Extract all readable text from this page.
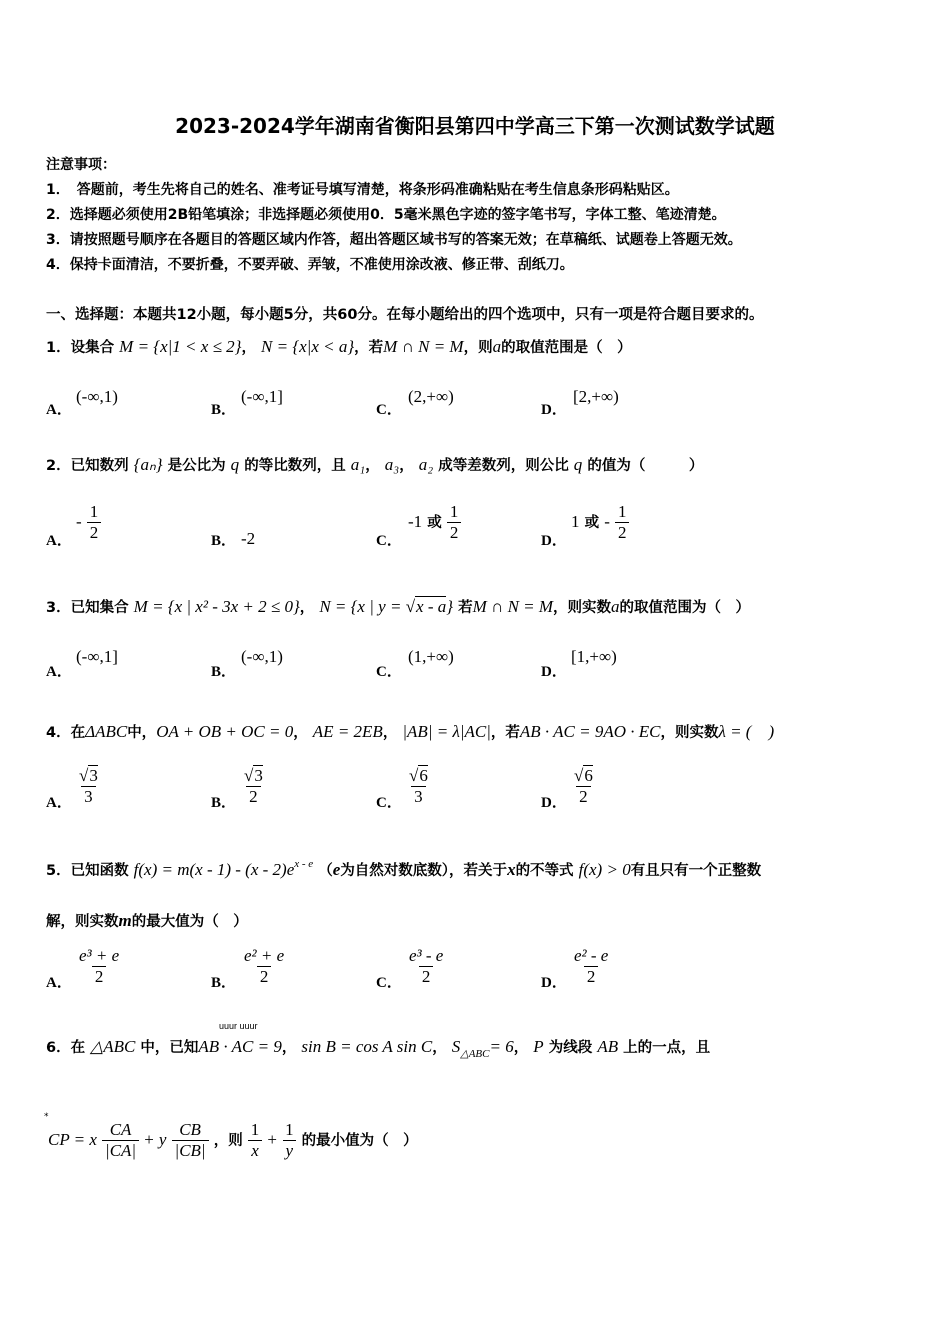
2023-2024学年湖南省衡阳县第四中学高三下第一次测试数学试题
注意事项：
1．　答题前，考生先将自己的姓名、准考证号填写清楚，将条形码准确粘贴在考生信息条形码粘贴区。
2．选择题必须使用2B铅笔填涂；非选择题必须使用0．5毫米黑色字迹的签字笔书写，字体工整、笔迹清楚。
3．请按照题号顺序在各题目的答题区域内作答，超出答题区域书写的答案无效；在草稿纸、试题卷上答题无效。
4．保持卡面清洁，不要折叠，不要弄破、弄皱，不准使用涂改液、修正带、刮纸刀。
一、选择题：本题共12小题，每小题5分，共60分。在每小题给出的四个选项中，只有一项是符合题目要求的。
1．设集合 M = {x|1 < x ≤ 2}， N = {x|x < a}，若M ∩ N = M，则a的取值范围是（　）
A．
(-∞,1)
B．
(-∞,1]
C．
(2,+∞)
D．
[2,+∞)
2．已知数列 {aₙ} 是公比为 q 的等比数列，且 a₁， a₃， a₂ 成等差数列，则公比 q 的值为（　　　）
A．
- $\frac{1}{2}$	B． -2	C．
-1 或 $\frac{1}{2}$	D．
1 或 - $\frac{1}{2}$
3．已知集合 M = {x | x² - 3x + 2 ≤ 0}， N = {x | y = √x - a} 若M ∩ N = M，则实数a的取值范围为（　）
A．
(-∞,1]
B．
(-∞,1)
C．
(1,+∞)
D．
[1,+∞)
4．在ΔABC中，OA + OB + OC = 0， AE = 2EB， |AB| = λ|AC|，若AB · AC = 9AO · EC，则实数λ = (　)
A． $\frac{√3}{3}$	B． $\frac{√3}{2}$	C． $\frac{√6}{3}$	D． $\frac{√6}{2}$
5．已知函数 $f(x) = m(x - 1) - (x - 2)e^{x - e}$ （e为自然对数底数），若关于x的不等式 f(x) > 0有且只有一个正整数
解，则实数m的最大值为（　）
A． $\frac{\text{e³ + e}}{2}$	B． $\frac{\text{e² + e}}{2}$	C． $\frac{\text{e³ - e}}{2}$	D． $\frac{\text{e² - e}}{2}$
uuur uuur
6．在 △ABC 中，已知AB · AC = 9， sin B = cos A sin C， $S_{\triangle ABC}= 6$， P 为线段 AB 上的一点，且
*
CP = x $\frac{CA}{|CA|} + y \frac{CB}{|CB|}$ ，则 $\frac{1}{x} + \frac{1}{y}$ 的最小值为（　）
